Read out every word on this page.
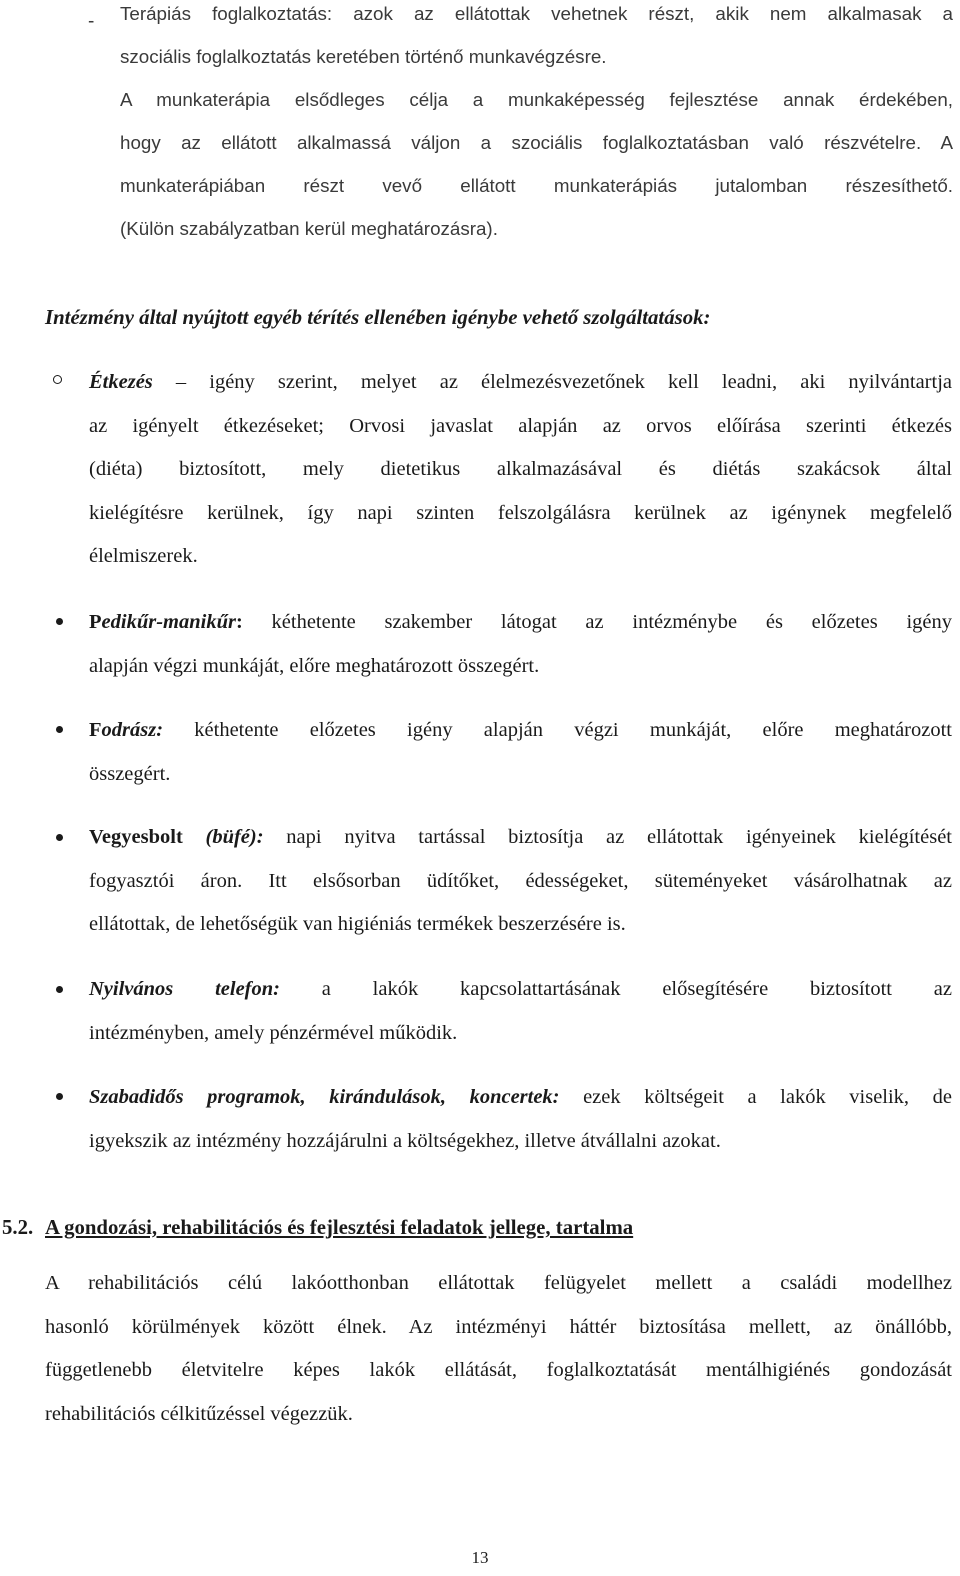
- Terápiás foglalkoztatás: azok az ellátottak vehetnek részt, akik nem alkalmasak a

szociális foglalkoztatás keretében történő munkavégzésre.

A munkaterápia elsődleges célja a munkaképesség fejlesztése annak érdekében,

hogy az ellátott alkalmassá váljon a szociális foglalkoztatásban való részvételre. A

munkaterápiában részt vevő ellátott munkaterápiás jutalomban részesíthető.

(Külön szabályzatban kerül meghatározásra).

Intézmény által nyújtott egyéb térítés ellenében igénybe vehető szolgáltatások:

Étkezés – igény szerint, melyet az élelmezésvezetőnek kell leadni, aki nyilvántartja

az igényelt étkezéseket; Orvosi javaslat alapján az orvos előírása szerinti étkezés

(diéta) biztosított, mely dietetikus alkalmazásával és diétás szakácsok által

kielégítésre kerülnek, így napi szinten felszolgálásra kerülnek az igénynek megfelelő

élelmiszerek.

Pedikűr-manikűr: kéthetente szakember látogat az intézménybe és előzetes igény

alapján végzi munkáját, előre meghatározott összegért.

Fodrász: kéthetente előzetes igény alapján végzi munkáját, előre meghatározott

összegért.

Vegyesbolt (büfé): napi nyitva tartással biztosítja az ellátottak igényeinek kielégítését

fogyasztói áron. Itt elsősorban üdítőket, édességeket, süteményeket vásárolhatnak az

ellátottak, de lehetőségük van higiéniás termékek beszerzésére is.

Nyilvános telefon: a lakók kapcsolattartásának elősegítésére biztosított az

intézményben, amely pénzérmével működik.

Szabadidős programok, kirándulások, koncertek: ezek költségeit a lakók viselik, de

igyekszik az intézmény hozzájárulni a költségekhez, illetve átvállalni azokat.

5.2. A gondozási, rehabilitációs és fejlesztési feladatok jellege, tartalma

A rehabilitációs célú lakóotthonban ellátottak felügyelet mellett a családi modellhez

hasonló körülmények között élnek. Az intézményi háttér biztosítása mellett, az önállóbb,

függetlenebb életvitelre képes lakók ellátását, foglalkoztatását mentálhigiénés gondozását

rehabilitációs célkitűzéssel végezzük.

13
